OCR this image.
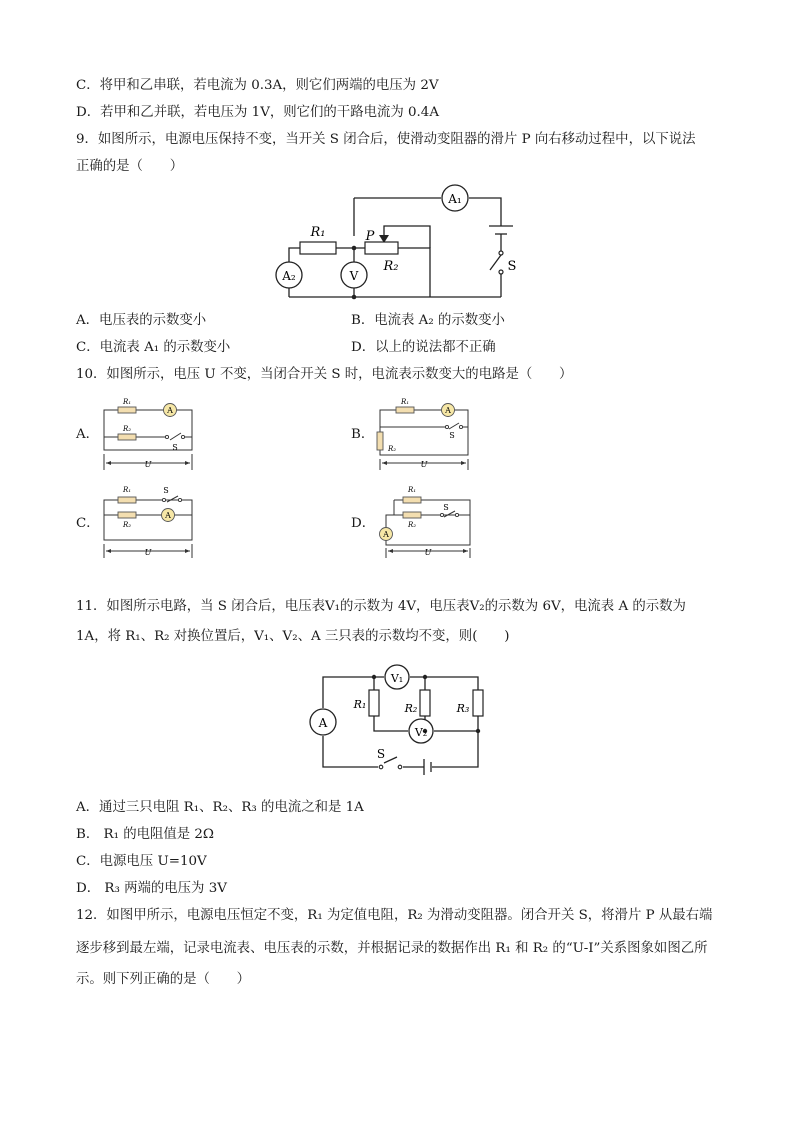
C．将甲和乙串联，若电流为 0.3A，则它们两端的电压为 2V
D．若甲和乙并联，若电压为 1V，则它们的干路电流为 0.4A
9．如图所示，电源电压保持不变，当开关 S 闭合后，使滑动变阻器的滑片 P 向右移动过程中，以下说法
正确的是（　　）
A₁
A₂	V
R₁
R₂
P
S
A．电压表的示数变小	B．电流表 A₂ 的示数变小
C．电流表 A₁ 的示数变小	D．以上的说法都不正确
10．如图所示，电压 U 不变，当闭合开关 S 时，电流表示数变大的电路是（　　）
A．	B．
C．	D．
R₁
R₂
A
S
U
R₁
R₂
A
S
U
R₁
R₂
A
S
U
R₁
R₂
A
S
U
11．如图所示电路，当 S 闭合后，电压表V₁的示数为 4V，电压表V₂的示数为 6V，电流表 A 的示数为
1A，将 R₁、R₂ 对换位置后，V₁、V₂、A 三只表的示数均不变，则(　　)
A
V₁
V₂
R₁	R₂	R₃
S
A．通过三只电阻 R₁、R₂、R₃ 的电流之和是 1A
B． R₁ 的电阻值是 2Ω
C．电源电压 U=10V
D． R₃ 两端的电压为 3V
12．如图甲所示，电源电压恒定不变，R₁ 为定值电阻，R₂ 为滑动变阻器。闭合开关 S，将滑片 P 从最右端
逐步移到最左端，记录电流表、电压表的示数，并根据记录的数据作出 R₁ 和 R₂ 的“U-I”关系图象如图乙所
示。则下列正确的是（　　）
